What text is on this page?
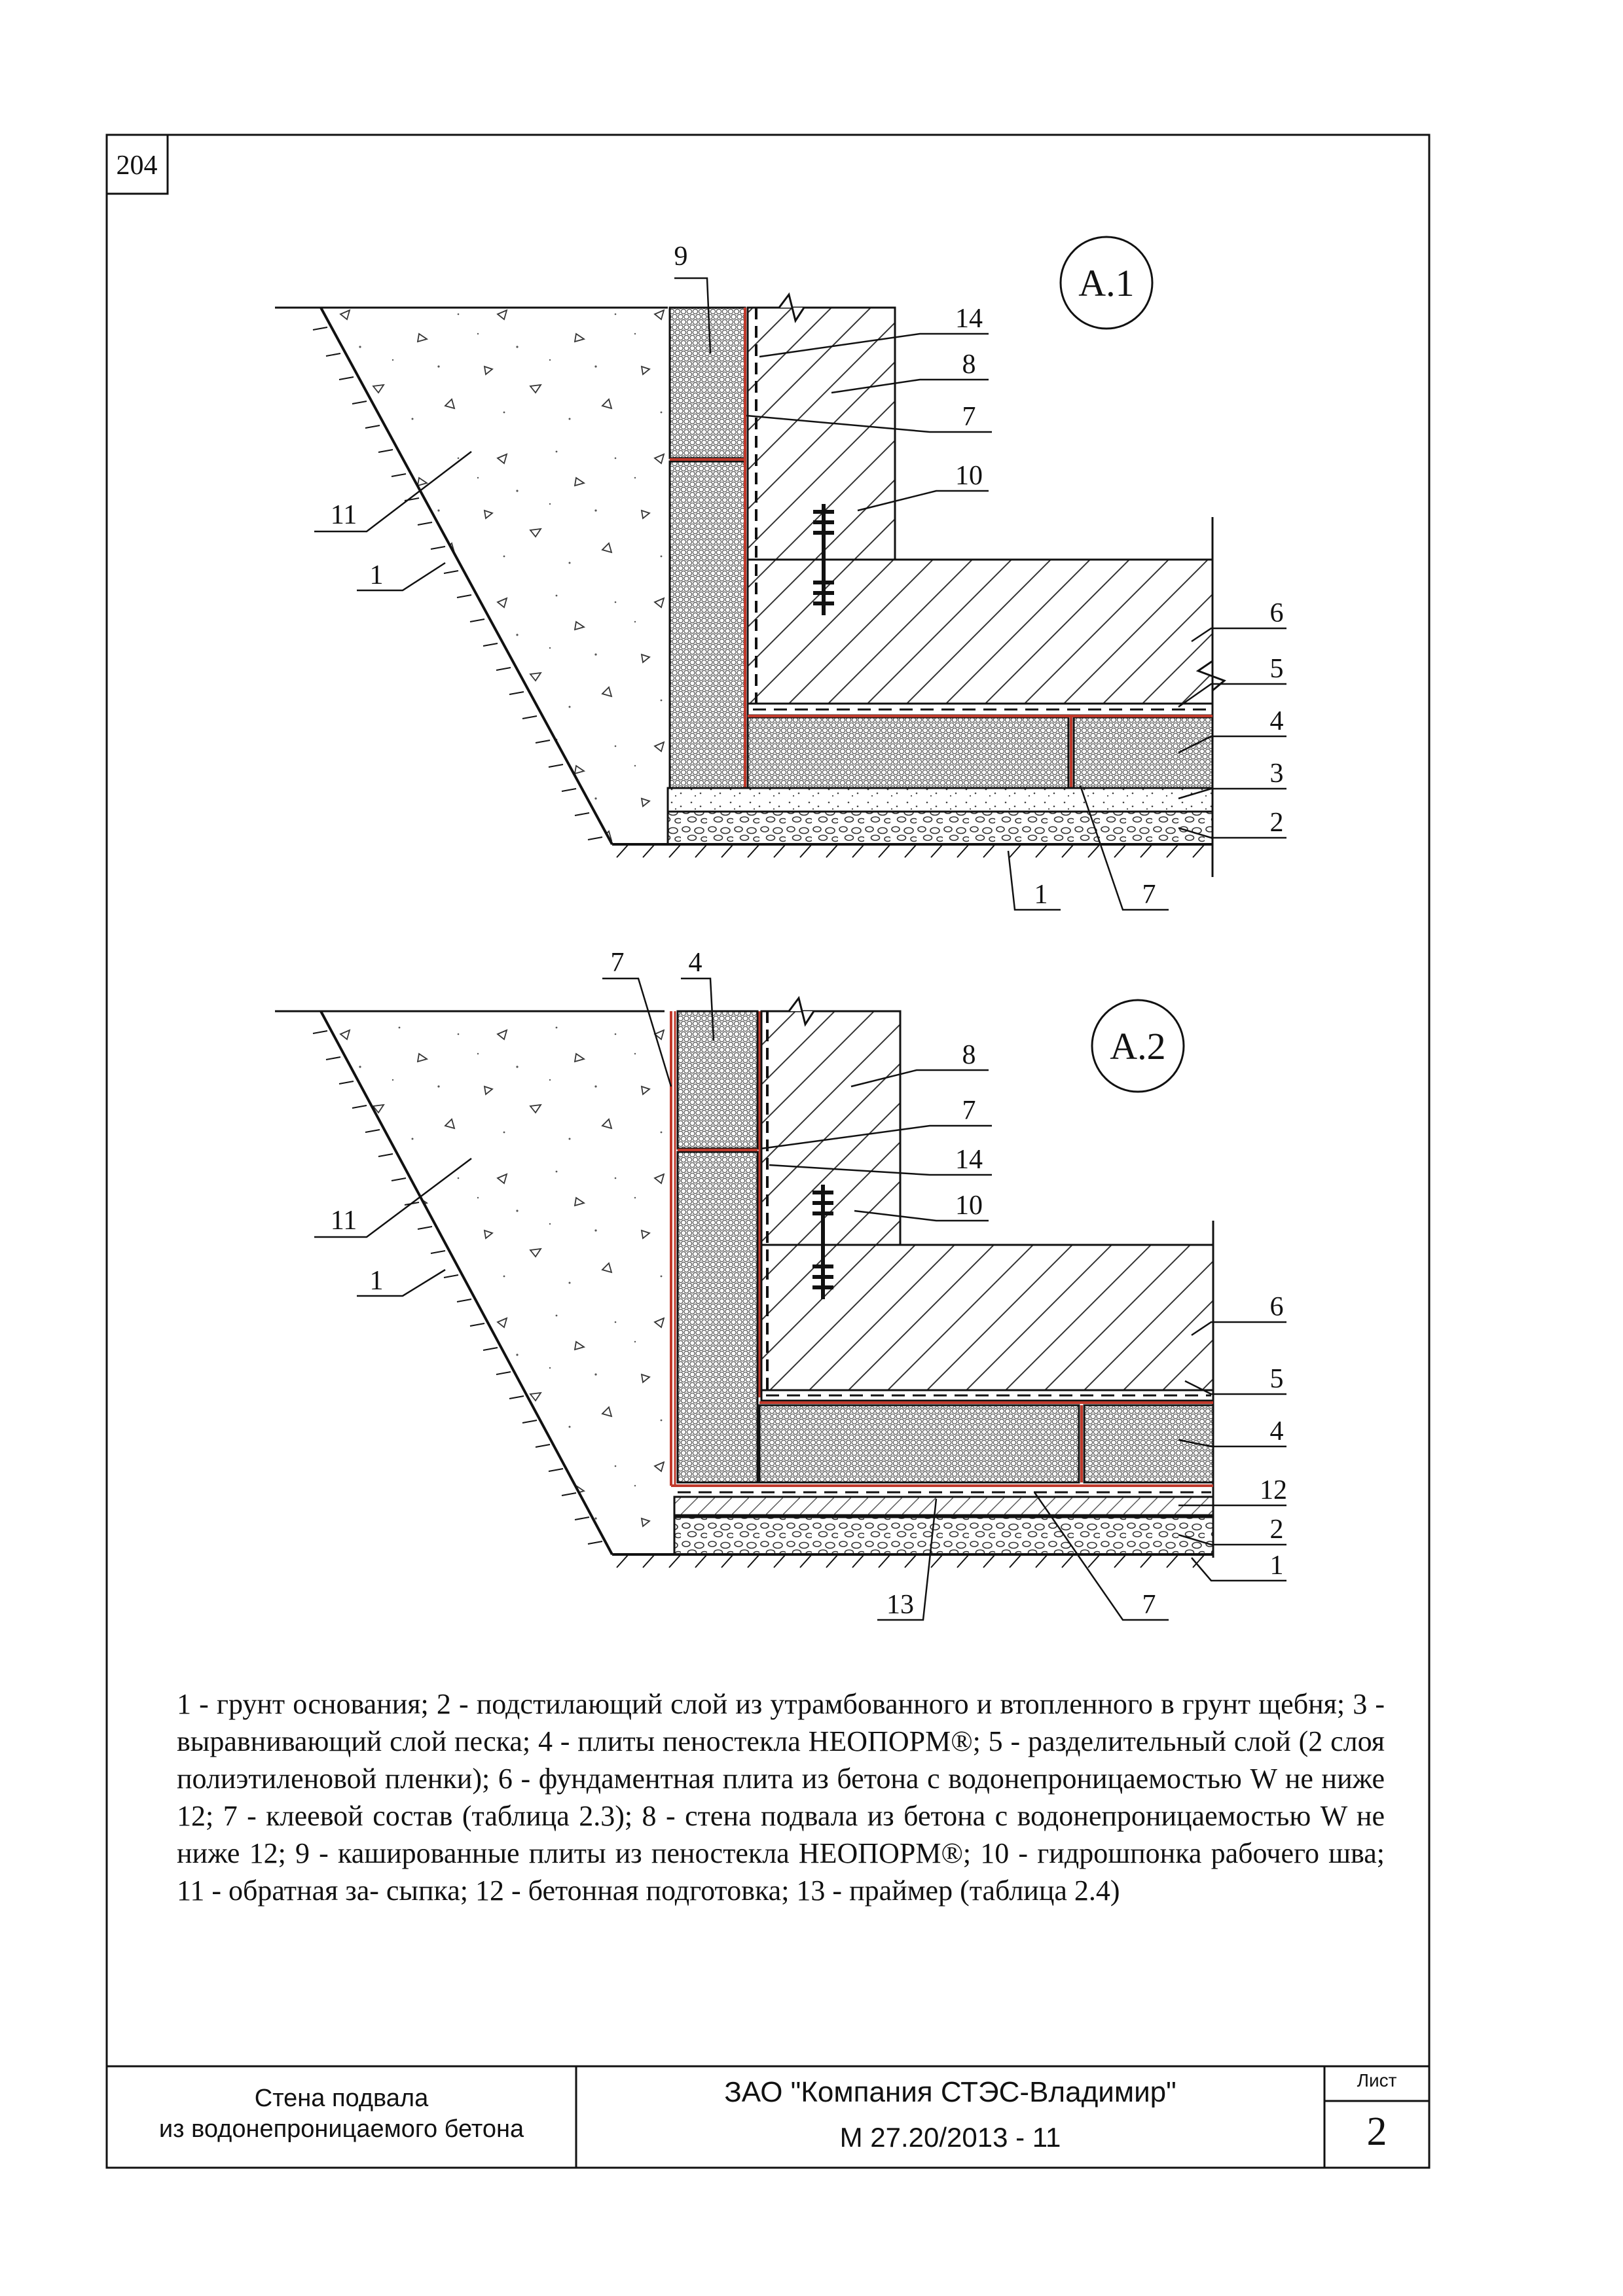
204
А.1
9
14
8
7
10
11
1
6
5
4
3
2
1	7
А.2
7 4
8
7
14
10
11
1
6
5
4
12
2
1
13	7
1 - грунт основания; 2 - подстилающий слой из утрамбованного и втопленного в грунт щебня; 3 - выравнивающий слой песка; 4 - плиты пеностекла НЕОПОРМ®; 5 - разделительный слой (2 слоя полиэтиленовой пленки); 6 - фундаментная плита из бетона с водонепроницаемостью W не ниже 12; 7 - клеевой состав (таблица 2.3); 8 - стена подвала из бетона с водонепроницаемостью W не ниже 12; 9 - кашированные плиты из пеностекла НЕОПОРМ®; 10 - гидрошпонка рабочего шва; 11 - обратная за- сыпка; 12 - бетонная подготовка; 13 - праймер (таблица 2.4)
Стена подвала
из водонепроницаемого бетона
ЗАО "Компания СТЭС-Владимир"
М 27.20/2013 - 11
Лист
2
